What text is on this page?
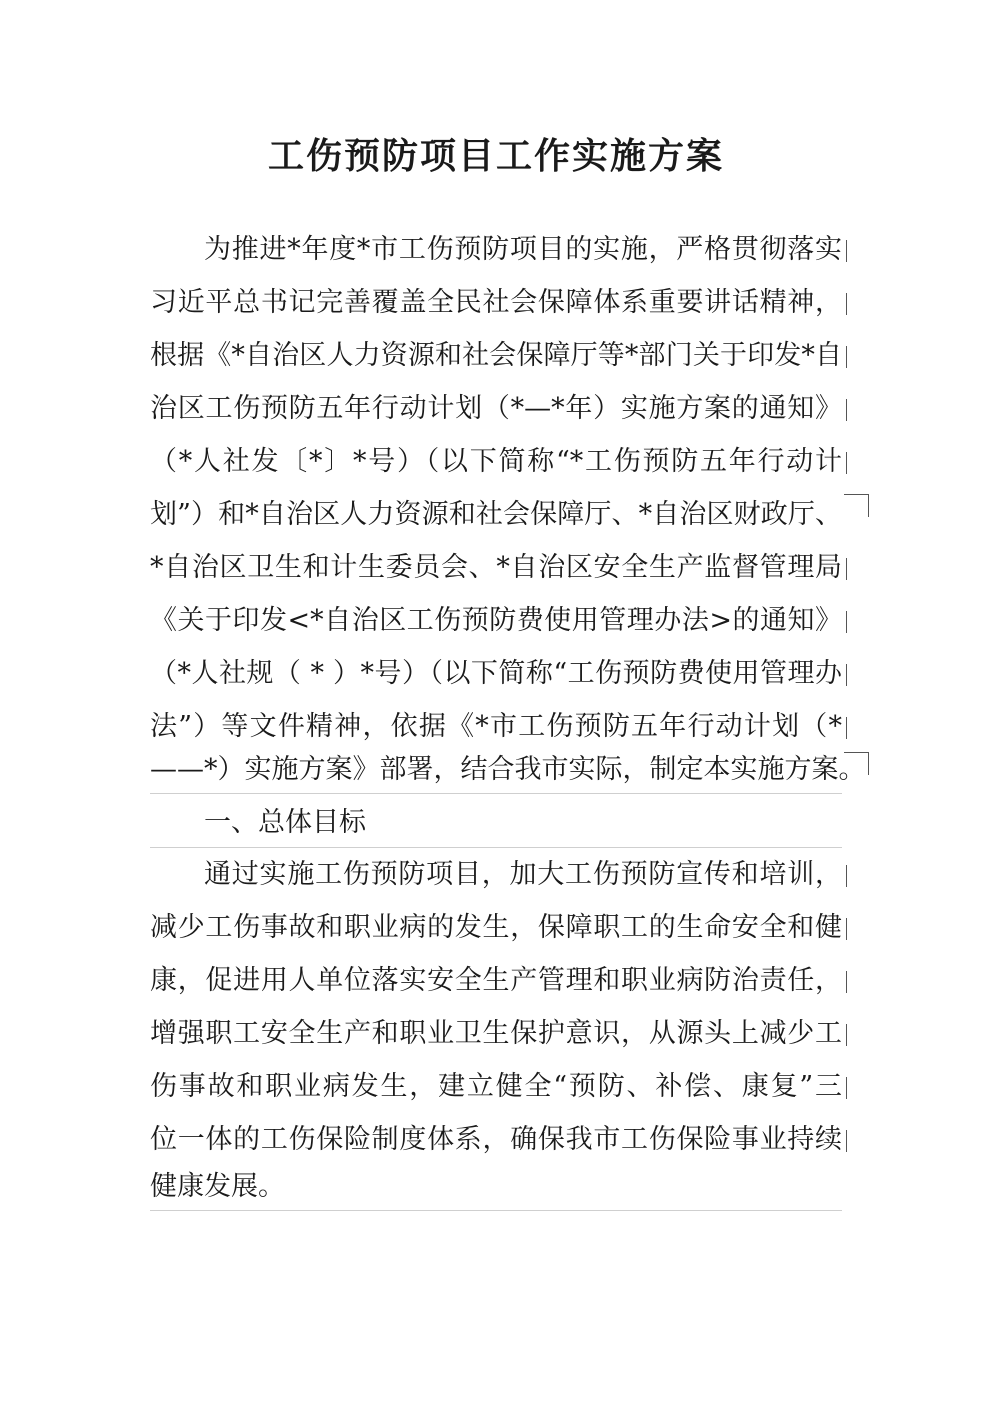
工伤预防项目工作实施方案
为推进*年度*市工伤预防项目的实施，严格贯彻落实
习近平总书记完善覆盖全民社会保障体系重要讲话精神，
根据《*自治区人力资源和社会保障厅等*部门关于印发*自
治区工伤预防五年行动计划（*—*年）实施方案的通知》
（*人社发〔*〕*号）（以下简称“*工伤预防五年行动计
划”）和*自治区人力资源和社会保障厅、*自治区财政厅、
*自治区卫生和计生委员会、*自治区安全生产监督管理局
《关于印发<*自治区工伤预防费使用管理办法>的通知》
（*人社规（ * ）*号）（以下简称“工伤预防费使用管理办
法”）等文件精神，依据《*市工伤预防五年行动计划（*
——*）实施方案》部署，结合我市实际，制定本实施方案。
一、总体目标
通过实施工伤预防项目，加大工伤预防宣传和培训，
减少工伤事故和职业病的发生，保障职工的生命安全和健
康，促进用人单位落实安全生产管理和职业病防治责任，
增强职工安全生产和职业卫生保护意识，从源头上减少工
伤事故和职业病发生，建立健全“预防、补偿、康复”三
位一体的工伤保险制度体系，确保我市工伤保险事业持续
健康发展。
